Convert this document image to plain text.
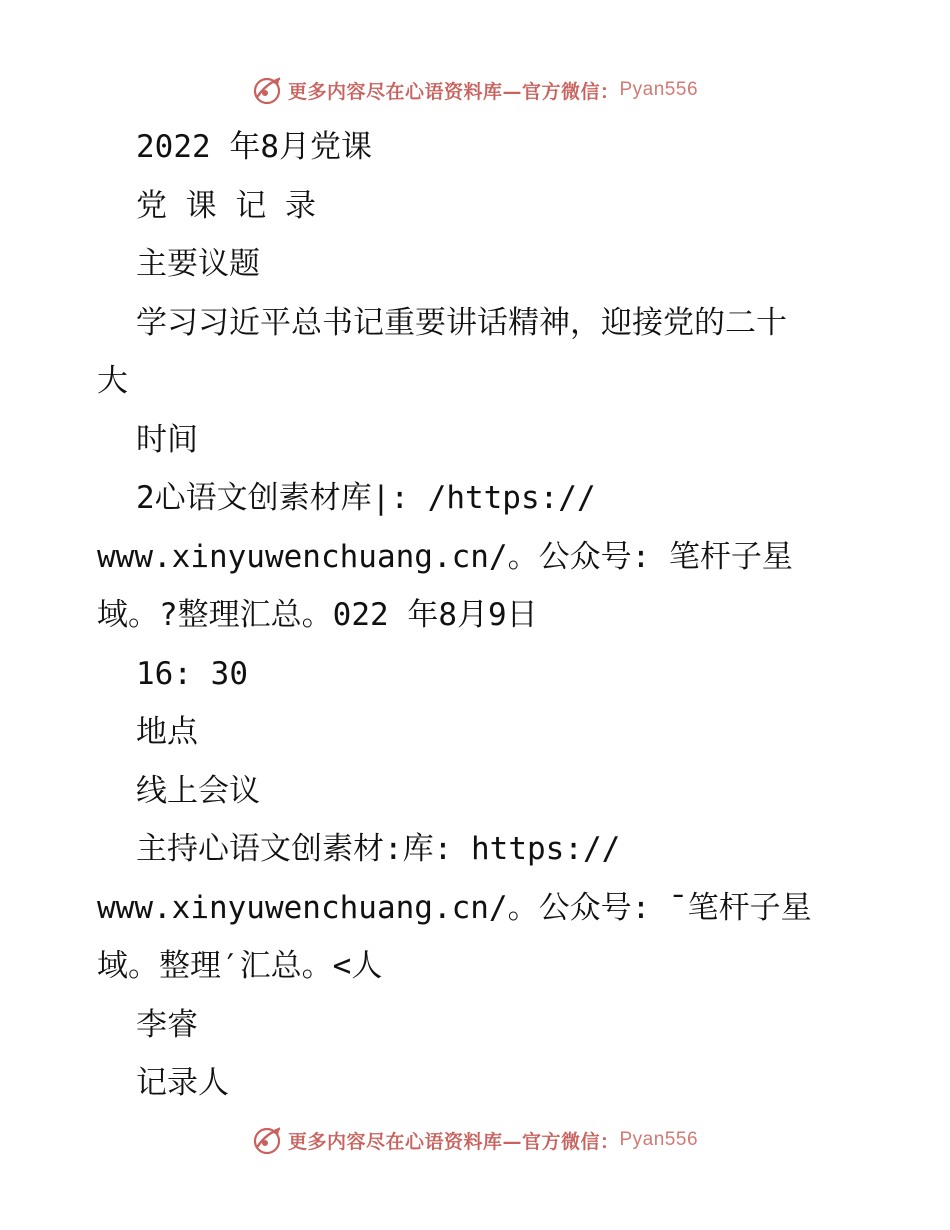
更多内容尽在心语资料库—官方微信： Pyan556
2022 年8月党课
党 课 记 录
主要议题
学习习近平总书记重要讲话精神，迎接党的二十
大
时间
2心语文创素材库|: /https://
www.xinyuwenchuang.cn/。公众号: 笔杆子星
域。?整理汇总。022 年8月9日
16: 30
地点
线上会议
主持心语文创素材:库: https://
www.xinyuwenchuang.cn/。公众号: ¯笔杆子星
域。整理′汇总。<人
李睿
记录人
更多内容尽在心语资料库—官方微信： Pyan556
